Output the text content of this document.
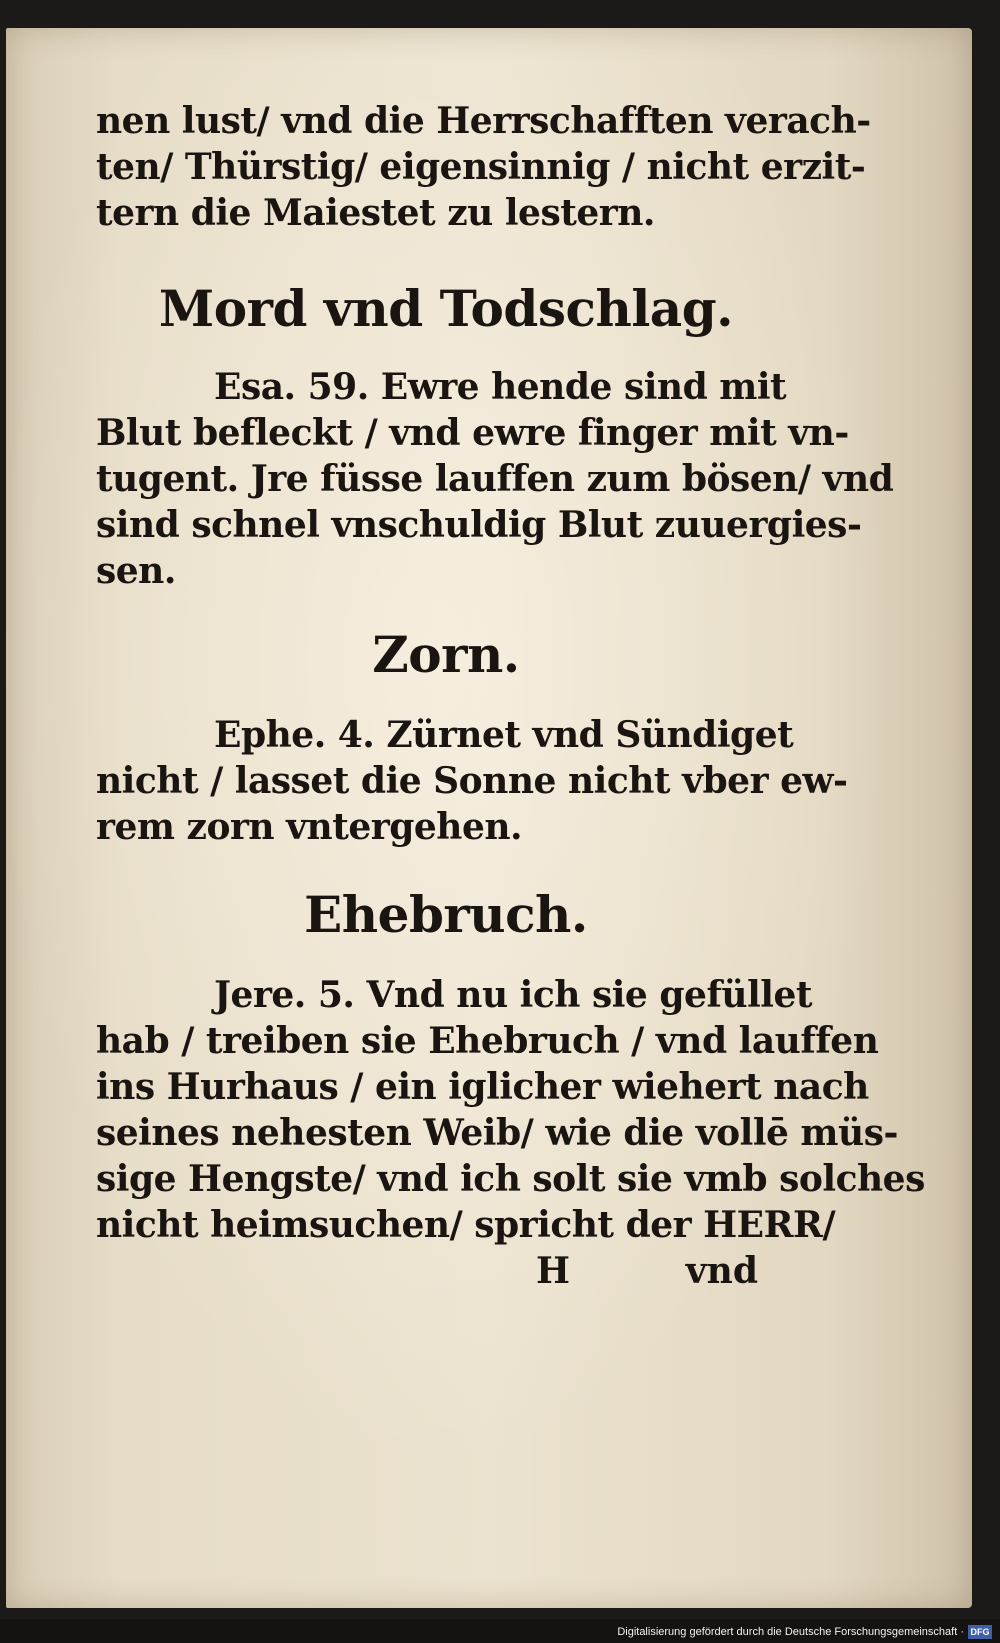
nen lust/ vnd die Herrschafften verach-
ten/ Thürstig/ eigensinnig / nicht erzit-
tern die Maiestet zu lestern.

Mord vnd Todschlag.

Esa. 59. Ewre hende sind mit
Blut befleckt / vnd ewre finger mit vn-
tugent. Jre füsse lauffen zum bösen/ vnd
sind schnel vnschuldig Blut zuuergies-
sen.

Zorn.

Ephe. 4. Zürnet vnd Sündiget
nicht / lasset die Sonne nicht vber ew-
rem zorn vntergehen.

Ehebruch.

Jere. 5. Vnd nu ich sie gefüllet
hab / treiben sie Ehebruch / vnd lauffen
ins Hurhaus / ein iglicher wiehert nach
seines nehesten Weib/ wie die vollē müs-
sige Hengste/ vnd ich solt sie vmb solches
nicht heimsuchen/ spricht der HERR/

H	vnd
Digitalisierung gefördert durch die Deutsche Forschungsgemeinschaft · DFG
